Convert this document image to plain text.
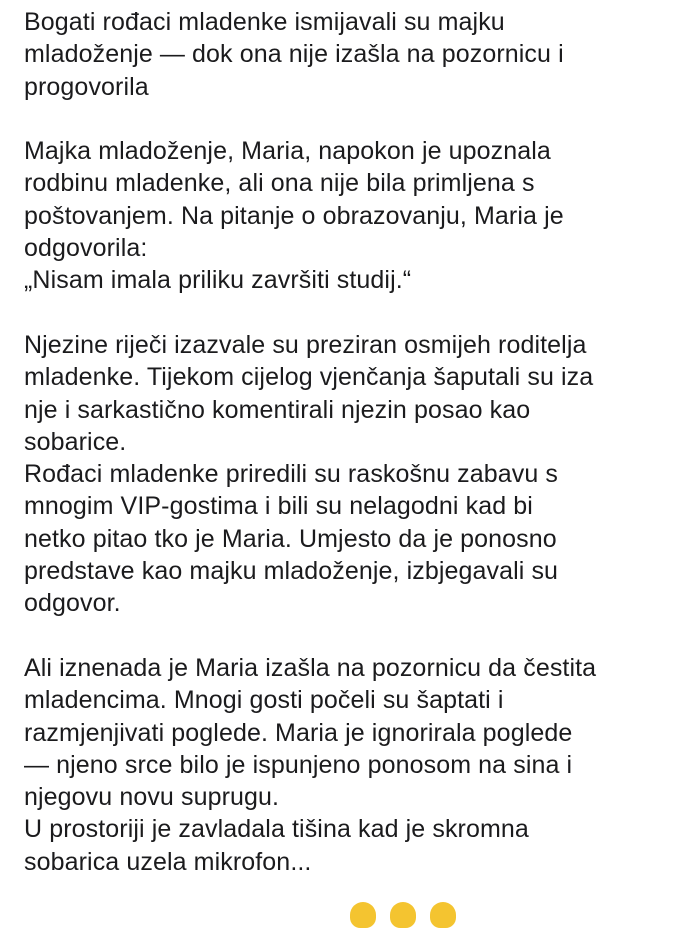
Bogati rođaci mladenke ismijavali su majku
mladoženje — dok ona nije izašla na pozornicu i
progovorila
Majka mladoženje, Maria, napokon je upoznala
rodbinu mladenke, ali ona nije bila primljena s
poštovanjem. Na pitanje o obrazovanju, Maria je
odgovorila:
„Nisam imala priliku završiti studij.“
Njezine riječi izazvale su preziran osmijeh roditelja
mladenke. Tijekom cijelog vjenčanja šaputali su iza
nje i sarkastično komentirali njezin posao kao
sobarice.
Rođaci mladenke priredili su raskošnu zabavu s
mnogim VIP-gostima i bili su nelagodni kad bi
netko pitao tko je Maria. Umjesto da je ponosno
predstave kao majku mladoženje, izbjegavali su
odgovor.
Ali iznenada je Maria izašla na pozornicu da čestita
mladencima. Mnogi gosti počeli su šaptati i
razmjenjivati poglede. Maria je ignorirala poglede
— njeno srce bilo je ispunjeno ponosom na sina i
njegovu novu suprugu.
U prostoriji je zavladala tišina kad je skromna
sobarica uzela mikrofon...
